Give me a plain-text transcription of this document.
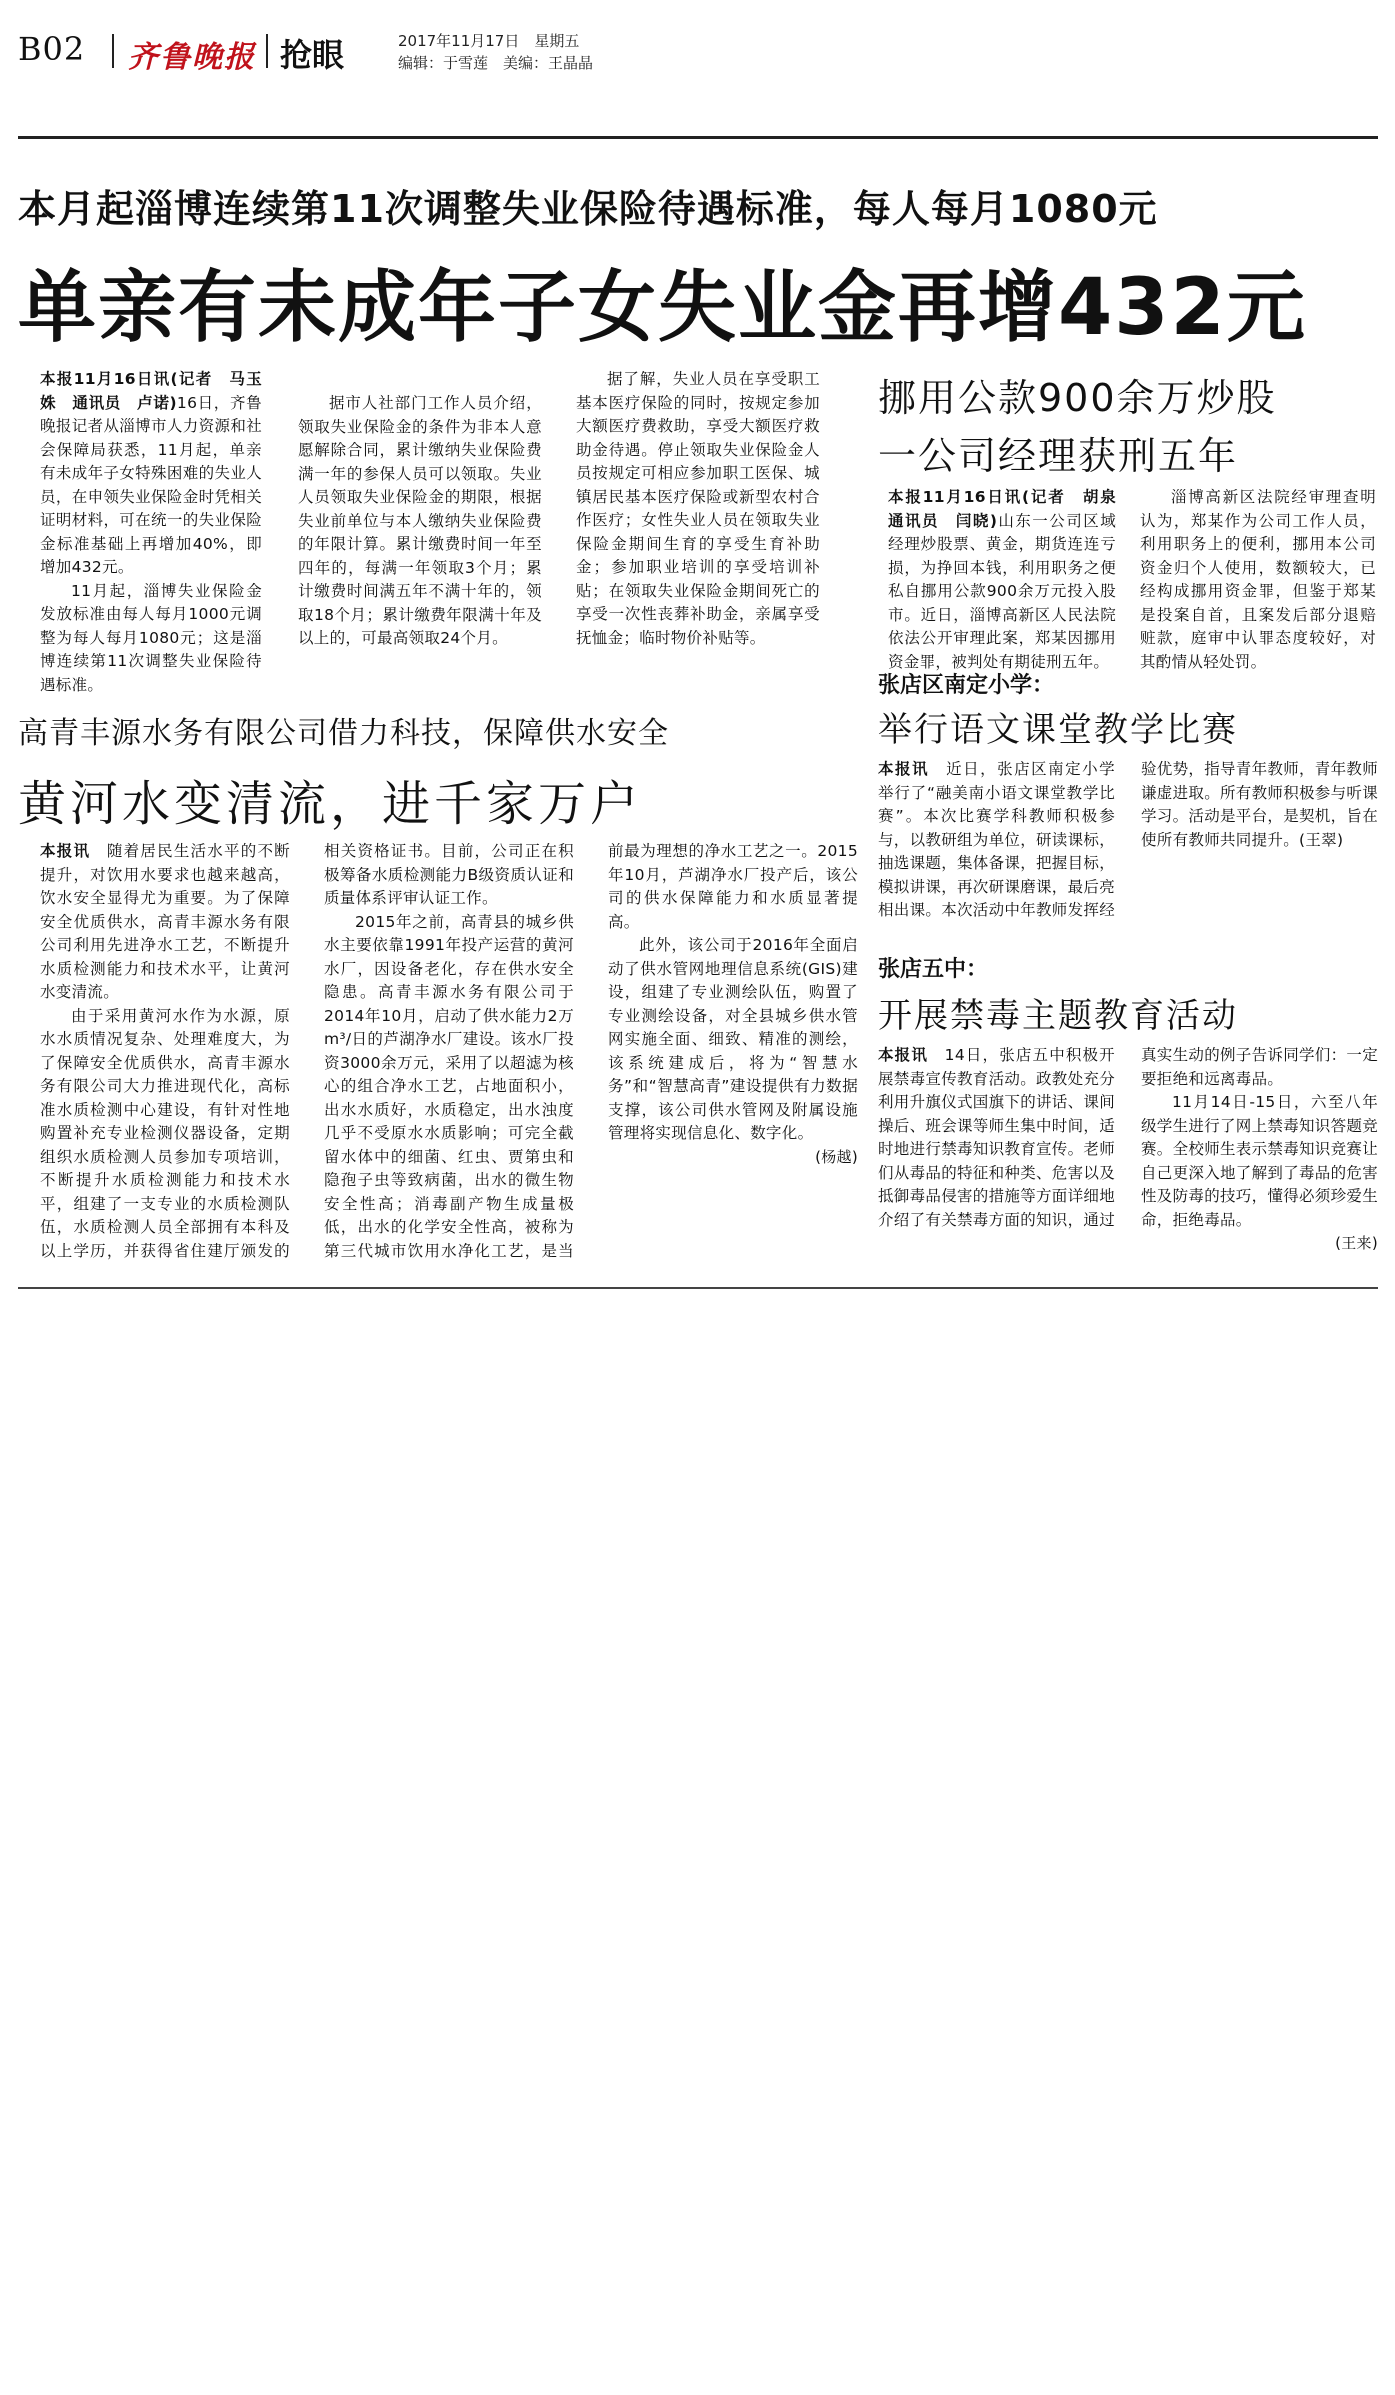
B02 齐鲁晚报 抢眼	2017年11月17日　星期五
编辑：于雪莲　美编：王晶晶
本月起淄博连续第11次调整失业保险待遇标准，每人每月1080元
单亲有未成年子女失业金再增432元

本报11月16日讯(记者　马玉姝　通讯员　卢诺)16日，齐鲁晚报记者从淄博市人力资源和社会保障局获悉，11月起，单亲有未成年子女特殊困难的失业人员，在申领失业保险金时凭相关证明材料，可在统一的失业保险金标准基础上再增加40%，即增加432元。

11月起，淄博失业保险金发放标准由每人每月1000元调整为每人每月1080元；这是淄博连续第11次调整失业保险待遇标准。

据市人社部门工作人员介绍，领取失业保险金的条件为非本人意愿解除合同，累计缴纳失业保险费满一年的参保人员可以领取。失业人员领取失业保险金的期限，根据失业前单位与本人缴纳失业保险费的年限计算。累计缴费时间一年至四年的，每满一年领取3个月；累计缴费时间满五年不满十年的，领取18个月；累计缴费年限满十年及以上的，可最高领取24个月。

据了解，失业人员在享受职工基本医疗保险的同时，按规定参加大额医疗费救助，享受大额医疗救助金待遇。停止领取失业保险金人员按规定可相应参加职工医保、城镇居民基本医疗保险或新型农村合作医疗；女性失业人员在领取失业保险金期间生育的享受生育补助金；参加职业培训的享受培训补贴；在领取失业保险金期间死亡的享受一次性丧葬补助金，亲属享受抚恤金；临时物价补贴等。

挪用公款900余万炒股
一公司经理获刑五年

本报11月16日讯(记者　胡泉　通讯员　闫晓)山东一公司区域经理炒股票、黄金，期货连连亏损，为挣回本钱，利用职务之便私自挪用公款900余万元投入股市。近日，淄博高新区人民法院依法公开审理此案，郑某因挪用资金罪，被判处有期徒刑五年。

淄博高新区法院经审理查明认为，郑某作为公司工作人员，利用职务上的便利，挪用本公司资金归个人使用，数额较大，已经构成挪用资金罪，但鉴于郑某是投案自首，且案发后部分退赔赃款，庭审中认罪态度较好，对其酌情从轻处罚。

高青丰源水务有限公司借力科技，保障供水安全
黄河水变清流，进千家万户

本报讯　 随着居民生活水平的不断提升，对饮用水要求也越来越高，饮水安全显得尤为重要。为了保障安全优质供水，高青丰源水务有限公司利用先进净水工艺，不断提升水质检测能力和技术水平，让黄河水变清流。

由于采用黄河水作为水源，原水水质情况复杂、处理难度大，为了保障安全优质供水，高青丰源水务有限公司大力推进现代化，高标准水质检测中心建设，有针对性地购置补充专业检测仪器设备，定期组织水质检测人员参加专项培训，不断提升水质检测能力和技术水平，组建了一支专业的水质检测队伍，水质检测人员全部拥有本科及以上学历，并获得省住建厅颁发的相关资格证书。目前，公司正在积极筹备水质检测能力B级资质认证和质量体系评审认证工作。

2015年之前，高青县的城乡供水主要依靠1991年投产运营的黄河水厂，因设备老化，存在供水安全隐患。高青丰源水务有限公司于2014年10月，启动了供水能力2万m³/日的芦湖净水厂建设。该水厂投资3000余万元，采用了以超滤为核心的组合净水工艺，占地面积小，出水水质好，水质稳定，出水浊度几乎不受原水水质影响；可完全截留水体中的细菌、红虫、贾第虫和隐孢子虫等致病菌，出水的微生物安全性高；消毒副产物生成量极低，出水的化学安全性高，被称为第三代城市饮用水净化工艺，是当前最为理想的净水工艺之一。2015年10月，芦湖净水厂投产后，该公司的供水保障能力和水质显著提高。

此外，该公司于2016年全面启动了供水管网地理信息系统(GIS)建设，组建了专业测绘队伍，购置了专业测绘设备，对全县城乡供水管网实施全面、细致、精准的测绘，该系统建成后，将为“智慧水务”和“智慧高青”建设提供有力数据支撑，该公司供水管网及附属设施管理将实现信息化、数字化。

(杨越)
张店区南定小学：
举行语文课堂教学比赛

本报讯　 近日，张店区南定小学举行了“融美南小语文课堂教学比赛”。本次比赛学科教师积极参与，以教研组为单位，研读课标，抽选课题，集体备课，把握目标，模拟讲课，再次研课磨课，最后亮相出课。本次活动中年教师发挥经验优势，指导青年教师，青年教师谦虚进取。所有教师积极参与听课学习。活动是平台，是契机，旨在使所有教师共同提升。(王翠)

张店五中：
开展禁毒主题教育活动

本报讯　 14日，张店五中积极开展禁毒宣传教育活动。政教处充分利用升旗仪式国旗下的讲话、课间操后、班会课等师生集中时间，适时地进行禁毒知识教育宣传。老师们从毒品的特征和种类、危害以及抵御毒品侵害的措施等方面详细地介绍了有关禁毒方面的知识，通过真实生动的例子告诉同学们：一定要拒绝和远离毒品。

11月14日-15日，六至八年级学生进行了网上禁毒知识答题竞赛。全校师生表示禁毒知识竞赛让自己更深入地了解到了毒品的危害性及防毒的技巧，懂得必须珍爱生命，拒绝毒品。

(王来)
